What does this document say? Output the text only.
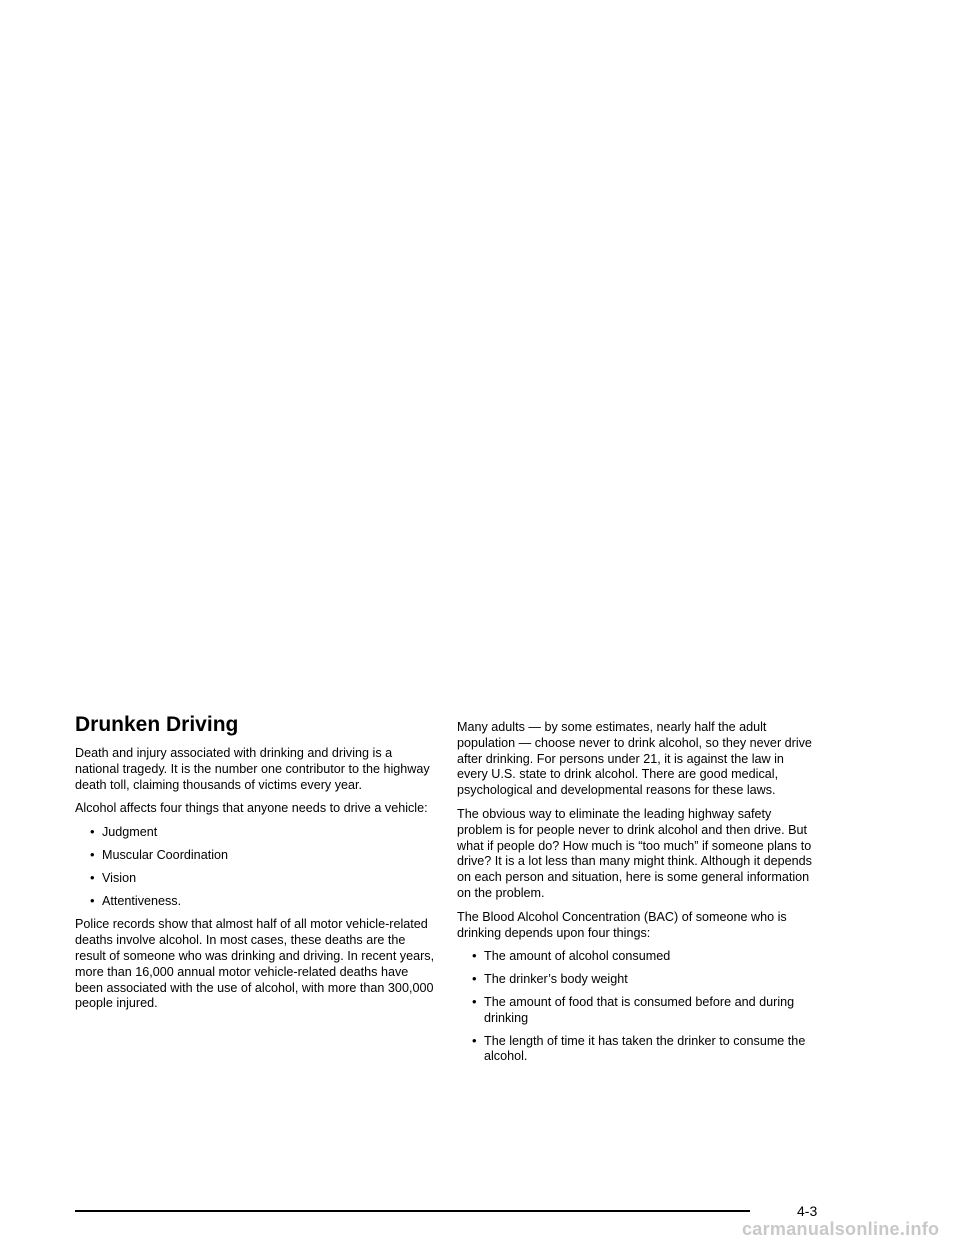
Drunken Driving

Death and injury associated with drinking and driving is a national tragedy. It is the number one contributor to the highway death toll, claiming thousands of victims every year.

Alcohol affects four things that anyone needs to drive a vehicle:

• Judgment
• Muscular Coordination
• Vision
• Attentiveness.

Police records show that almost half of all motor vehicle-related deaths involve alcohol. In most cases, these deaths are the result of someone who was drinking and driving. In recent years, more than 16,000 annual motor vehicle-related deaths have been associated with the use of alcohol, with more than 300,000 people injured.

Many adults — by some estimates, nearly half the adult population — choose never to drink alcohol, so they never drive after drinking. For persons under 21, it is against the law in every U.S. state to drink alcohol. There are good medical, psychological and developmental reasons for these laws.

The obvious way to eliminate the leading highway safety problem is for people never to drink alcohol and then drive. But what if people do? How much is “too much” if someone plans to drive? It is a lot less than many might think. Although it depends on each person and situation, here is some general information on the problem.

The Blood Alcohol Concentration (BAC) of someone who is drinking depends upon four things:

• The amount of alcohol consumed
• The drinker’s body weight
• The amount of food that is consumed before and during drinking
• The length of time it has taken the drinker to consume the alcohol.
4-3
carmanualsonline.info
